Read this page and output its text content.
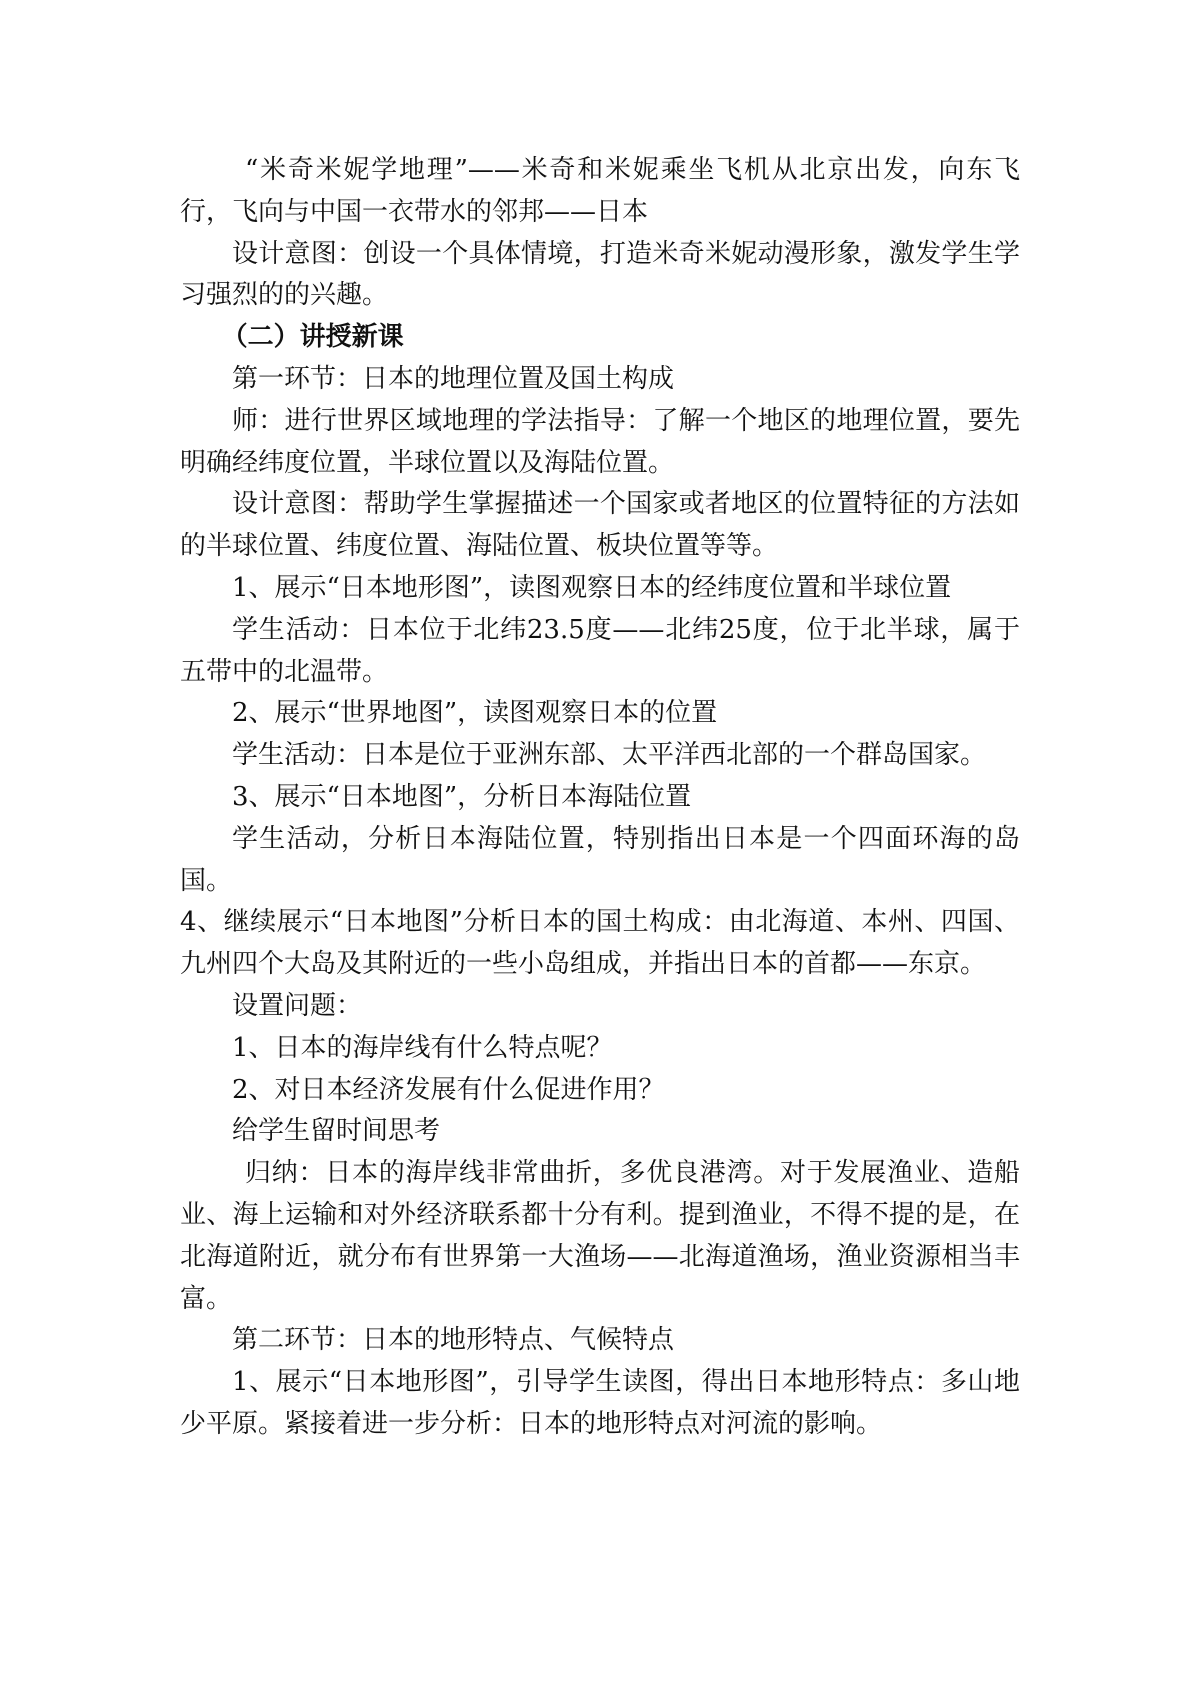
“米奇米妮学地理”——米奇和米妮乘坐飞机从北京出发，向东飞行，飞向与中国一衣带水的邻邦——日本

设计意图：创设一个具体情境，打造米奇米妮动漫形象，激发学生学习强烈的的兴趣。

（二）讲授新课

第一环节：日本的地理位置及国土构成

师：进行世界区域地理的学法指导：了解一个地区的地理位置，要先明确经纬度位置，半球位置以及海陆位置。

设计意图：帮助学生掌握描述一个国家或者地区的位置特征的方法如的半球位置、纬度位置、海陆位置、板块位置等等。

1、展示“日本地形图”，读图观察日本的经纬度位置和半球位置

学生活动：日本位于北纬23.5度——北纬25度，位于北半球，属于五带中的北温带。

2、展示“世界地图”，读图观察日本的位置

学生活动：日本是位于亚洲东部、太平洋西北部的一个群岛国家。

3、展示“日本地图”，分析日本海陆位置

学生活动，分析日本海陆位置，特别指出日本是一个四面环海的岛国。

4、继续展示“日本地图”分析日本的国土构成：由北海道、本州、四国、九州四个大岛及其附近的一些小岛组成，并指出日本的首都——东京。

设置问题：

1、日本的海岸线有什么特点呢？

2、对日本经济发展有什么促进作用？

给学生留时间思考

归纳：日本的海岸线非常曲折，多优良港湾。对于发展渔业、造船业、海上运输和对外经济联系都十分有利。提到渔业，不得不提的是，在北海道附近，就分布有世界第一大渔场——北海道渔场，渔业资源相当丰富。

第二环节：日本的地形特点、气候特点

1、展示“日本地形图”，引导学生读图，得出日本地形特点：多山地少平原。紧接着进一步分析：日本的地形特点对河流的影响。
